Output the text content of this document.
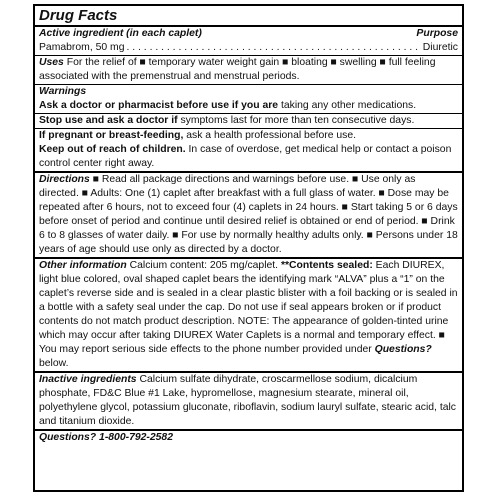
Drug Facts
Active ingredient (in each caplet)	Purpose
Pamabrom, 50 mg
. . .	Diuretic

Uses For the relief of ■ temporary water weight gain ■ bloating ■ swelling ■ full feeling associated with the premenstrual and menstrual periods.

Warnings

Ask a doctor or pharmacist before use if you are taking any other medications.

Stop use and ask a doctor if symptoms last for more than ten consecutive days.

If pregnant or breast-feeding, ask a health professional before use.

Keep out of reach of children. In case of overdose, get medical help or contact a poison control center right away.

Directions ■ Read all package directions and warnings before use. ■ Use only as directed. ■ Adults: One (1) caplet after breakfast with a full glass of water. ■ Dose may be repeated after 6 hours, not to exceed four (4) caplets in 24 hours. ■ Start taking 5 or 6 days before onset of period and continue until desired relief is obtained or end of period. ■ Drink 6 to 8 glasses of water daily. ■ For use by normally healthy adults only. ■ Persons under 18 years of age should use only as directed by a doctor.

Other information Calcium content: 205 mg/caplet. **Contents sealed: Each DIUREX, light blue colored, oval shaped caplet bears the identifying mark “ALVA” plus a “1” on the caplet’s reverse side and is sealed in a clear plastic blister with a foil backing or is sealed in a bottle with a safety seal under the cap. Do not use if seal appears broken or if product contents do not match product description. NOTE: The appearance of golden-tinted urine which may occur after taking DIUREX Water Caplets is a normal and temporary effect. ■ You may report serious side effects to the phone number provided under Questions? below.

Inactive ingredients Calcium sulfate dihydrate, croscarmellose sodium, dicalcium phosphate, FD&C Blue #1 Lake, hypromellose, magnesium stearate, mineral oil, polyethylene glycol, potassium gluconate, riboflavin, sodium lauryl sulfate, stearic acid, talc and titanium dioxide.

Questions? 1-800-792-2582
